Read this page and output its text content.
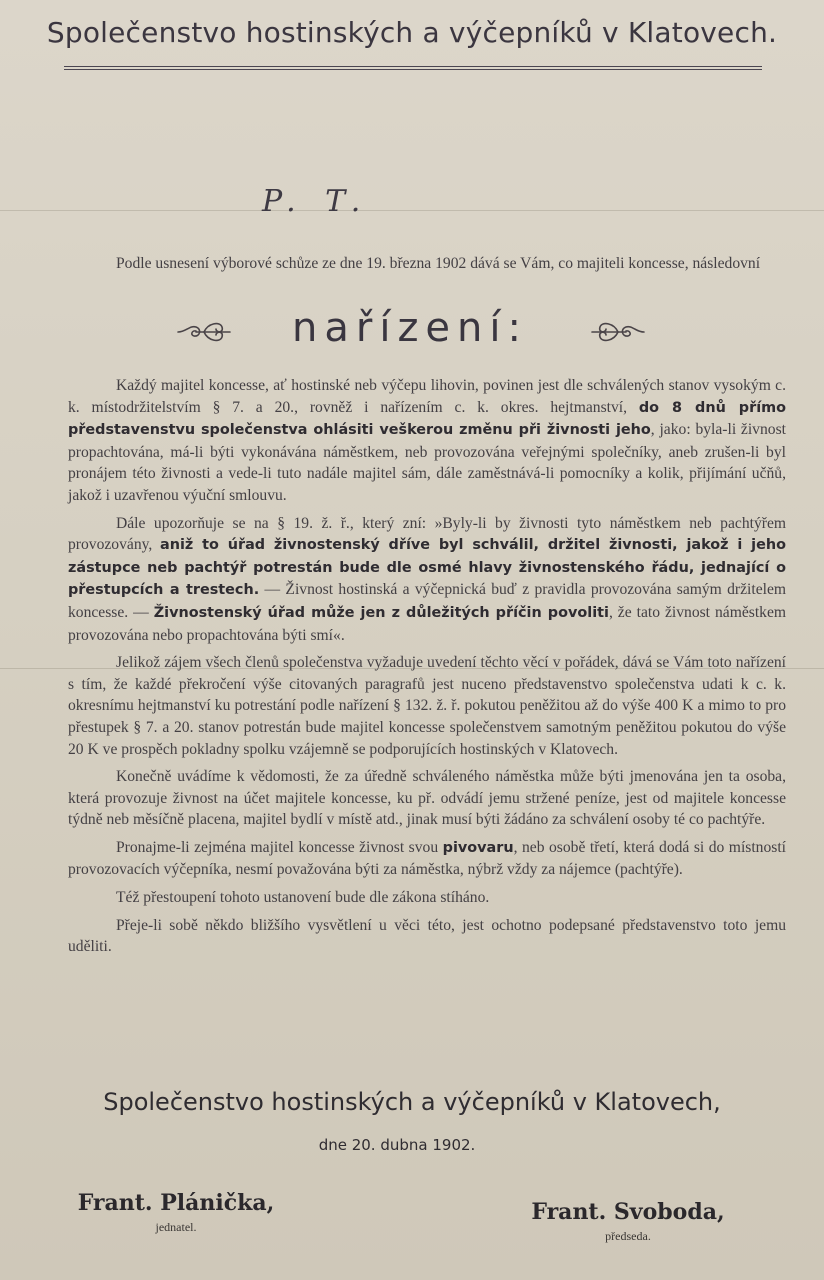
Společenstvo hostinských a výčepníků v Klatovech.
P. T.

Podle usnesení výborové schůze ze dne 19. března 1902 dává se Vám, co majiteli koncesse, následovní

nařízení:

Každý majitel koncesse, ať hostinské neb výčepu lihovin, povinen jest dle schválených stanov vysokým c. k. místodržitelstvím § 7. a 20., rovněž i nařízením c. k. okres. hejtmanství, do 8 dnů přímo představenstvu společenstva ohlásiti veškerou změnu při živnosti jeho, jako: byla-li živnost propachtována, má-li býti vykonávána náměstkem, neb provozována veřejnými společníky, aneb zrušen-li byl pronájem této živnosti a vede-li tuto nadále majitel sám, dále zaměstnává-li pomocníky a kolik, přijímání učňů, jakož i uzavřenou výuční smlouvu.

Dále upozorňuje se na § 19. ž. ř., který zní: »Byly-li by živnosti tyto náměstkem neb pachtýřem provozovány, aniž to úřad živnostenský dříve byl schválil, držitel živnosti, jakož i jeho zástupce neb pachtýř potrestán bude dle osmé hlavy živnostenského řádu, jednající o přestupcích a trestech. — Živnost hostinská a výčepnická buď z pravidla provozována samým držitelem koncesse. — Živnostenský úřad může jen z důležitých příčin povoliti, že tato živnost náměstkem provozována nebo propachtována býti smí«.

Jelikož zájem všech členů společenstva vyžaduje uvedení těchto věcí v pořádek, dává se Vám toto nařízení s tím, že každé překročení výše citovaných paragrafů jest nuceno představenstvo společenstva udati k c. k. okresnímu hejtmanství ku potrestání podle nařízení § 132. ž. ř. pokutou peněžitou až do výše 400 K a mimo to pro přestupek § 7. a 20. stanov potrestán bude majitel koncesse společenstvem samotným peněžitou pokutou do výše 20 K ve prospěch pokladny spolku vzájemně se podporujících hostinských v Klatovech.

Konečně uvádíme k vědomosti, že za úředně schváleného náměstka může býti jmenována jen ta osoba, která provozuje živnost na účet majitele koncesse, ku př. odvádí jemu stržené peníze, jest od majitele koncesse týdně neb měsíčně placena, majitel bydlí v místě atd., jinak musí býti žádáno za schválení osoby té co pachtýře.

Pronajme-li zejména majitel koncesse živnost svou pivovaru, neb osobě třetí, která dodá si do místností provozovacích výčepníka, nesmí považována býti za náměstka, nýbrž vždy za nájemce (pachtýře).

Též přestoupení tohoto ustanovení bude dle zákona stíháno.

Přeje-li sobě někdo bližšího vysvětlení u věci této, jest ochotno podepsané představenstvo toto jemu uděliti.

Společenstvo hostinských a výčepníků v Klatovech,
dne 20. dubna 1902.
Frant. Plánička,
jednatel.
Frant. Svoboda,
předseda.
